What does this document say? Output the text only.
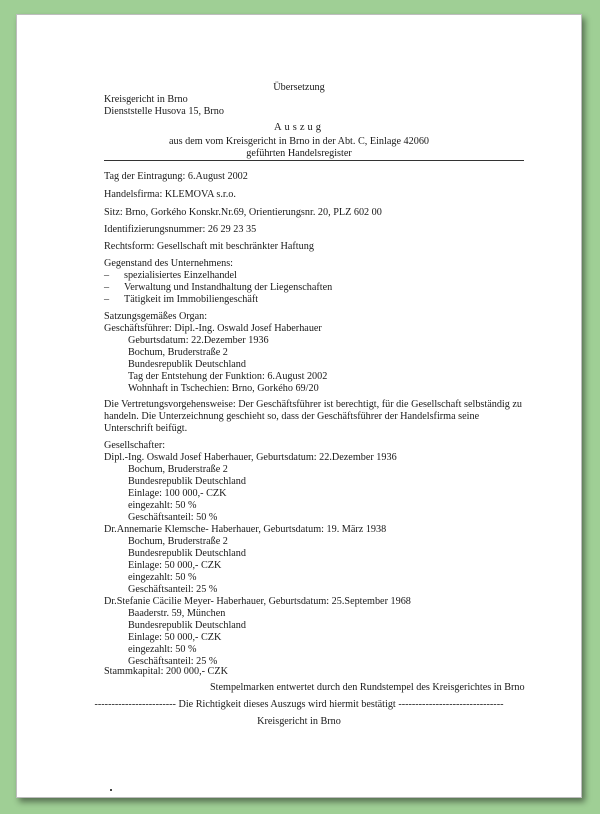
Übersetzung

Kreisgericht in Brno

Dienststelle Husova 15, Brno

Auszug

aus dem vom Kreisgericht in Brno in der Abt. C, Einlage 42060

geführten Handelsregister

Tag der Eintragung: 6.August 2002

Handelsfirma: KLEMOVA s.r.o.

Sitz: Brno, Gorkého Konskr.Nr.69, Orientierungsnr. 20, PLZ 602 00

Identifizierungsnummer: 26 29 23 35

Rechtsform: Gesellschaft mit beschränkter Haftung

Gegenstand des Unternehmens:

– spezialisiertes Einzelhandel

– Verwaltung und Instandhaltung der Liegenschaften

– Tätigkeit im Immobiliengeschäft

Satzungsgemäßes Organ:

Geschäftsführer: Dipl.-Ing. Oswald Josef Haberhauer

Geburtsdatum: 22.Dezember 1936

Bochum, Bruderstraße 2

Bundesrepublik Deutschland

Tag der Entstehung der Funktion: 6.August 2002

Wohnhaft in Tschechien: Brno, Gorkého 69/20

Die Vertretungsvorgehensweise: Der Geschäftsführer ist berechtigt, für die Gesellschaft selbständig zu

handeln. Die Unterzeichnung geschieht so, dass der Geschäftsführer der Handelsfirma seine

Unterschrift beifügt.

Gesellschafter:

Dipl.-Ing. Oswald Josef Haberhauer, Geburtsdatum: 22.Dezember 1936

Bochum, Bruderstraße 2

Bundesrepublik Deutschland

Einlage: 100 000,- CZK

eingezahlt: 50 %

Geschäftsanteil: 50 %

Dr.Annemarie Klemsche- Haberhauer, Geburtsdatum: 19. März 1938

Bochum, Bruderstraße 2

Bundesrepublik Deutschland

Einlage: 50 000,- CZK

eingezahlt: 50 %

Geschäftsanteil: 25 %

Dr.Stefanie Cäcilie Meyer- Haberhauer, Geburtsdatum: 25.September 1968

Baaderstr. 59, München

Bundesrepublik Deutschland

Einlage: 50 000,- CZK

eingezahlt: 50 %

Geschäftsanteil: 25 %

Stammkapital: 200 000,- CZK

Stempelmarken entwertet durch den Rundstempel des Kreisgerichtes in Brno

------------------------ Die Richtigkeit dieses Auszugs wird hiermit bestätigt -------------------------------

Kreisgericht in Brno
